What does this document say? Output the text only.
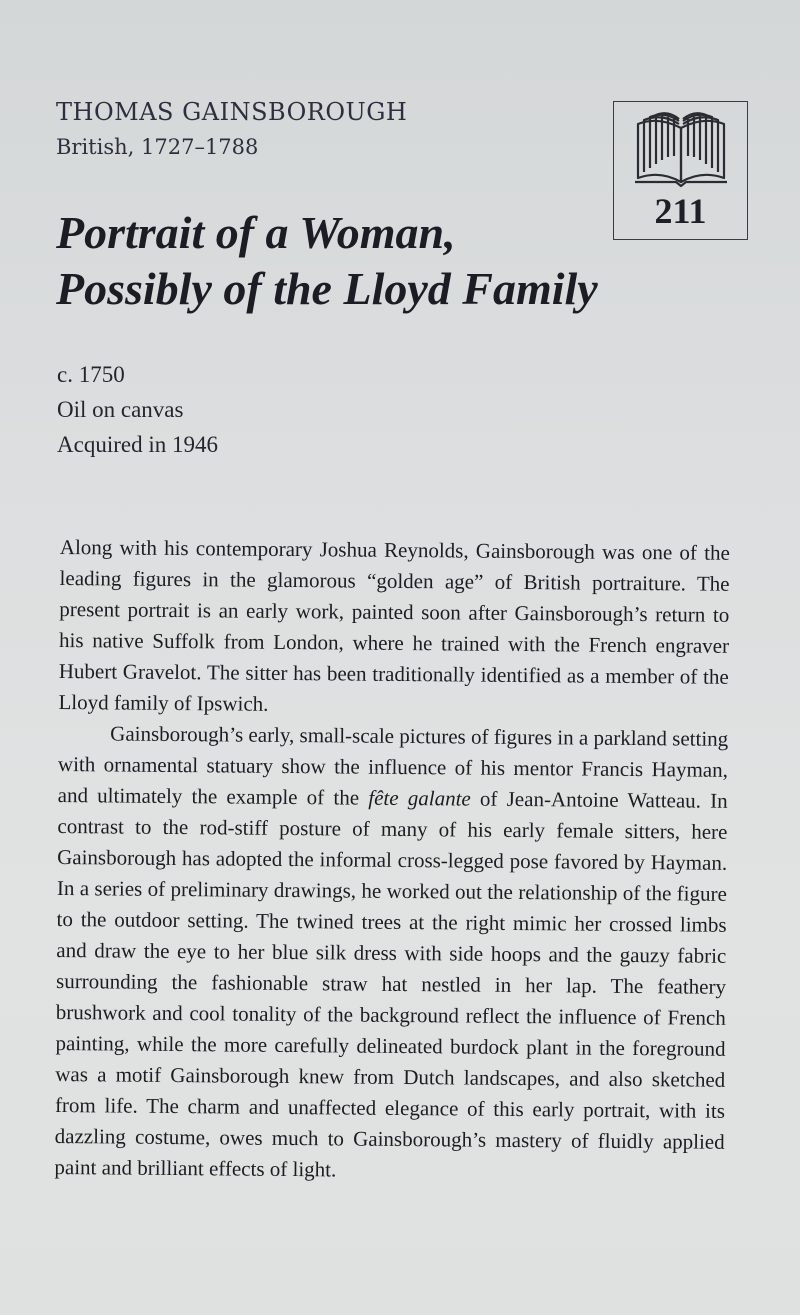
THOMAS GAINSBOROUGH
British, 1727–1788
Portrait of a Woman,
Possibly of the Lloyd Family
211
c. 1750
Oil on canvas
Acquired in 1946

Along with his contemporary Joshua Reynolds, Gainsborough was one of the leading figures in the glamorous “golden age” of British portraiture. The present portrait is an early work, painted soon after Gainsborough’s return to his native Suffolk from London, where he trained with the French engraver Hubert Gravelot. The sitter has been traditionally identified as a member of the Lloyd family of Ipswich.

Gainsborough’s early, small-scale pictures of figures in a parkland setting with ornamental statuary show the influence of his mentor Francis Hayman, and ultimately the example of the fête galante of Jean-Antoine Watteau. In contrast to the rod-stiff posture of many of his early female sitters, here Gainsborough has adopted the informal cross-legged pose favored by Hayman. In a series of preliminary drawings, he worked out the relationship of the figure to the outdoor setting. The twined trees at the right mimic her crossed limbs and draw the eye to her blue silk dress with side hoops and the gauzy fabric surrounding the fashionable straw hat nestled in her lap. The feathery brushwork and cool tonality of the background reflect the influence of French painting, while the more carefully delineated burdock plant in the foreground was a motif Gainsborough knew from Dutch landscapes, and also sketched from life. The charm and unaffected elegance of this early portrait, with its dazzling costume, owes much to Gainsborough’s mastery of fluidly applied paint and brilliant effects of light.
